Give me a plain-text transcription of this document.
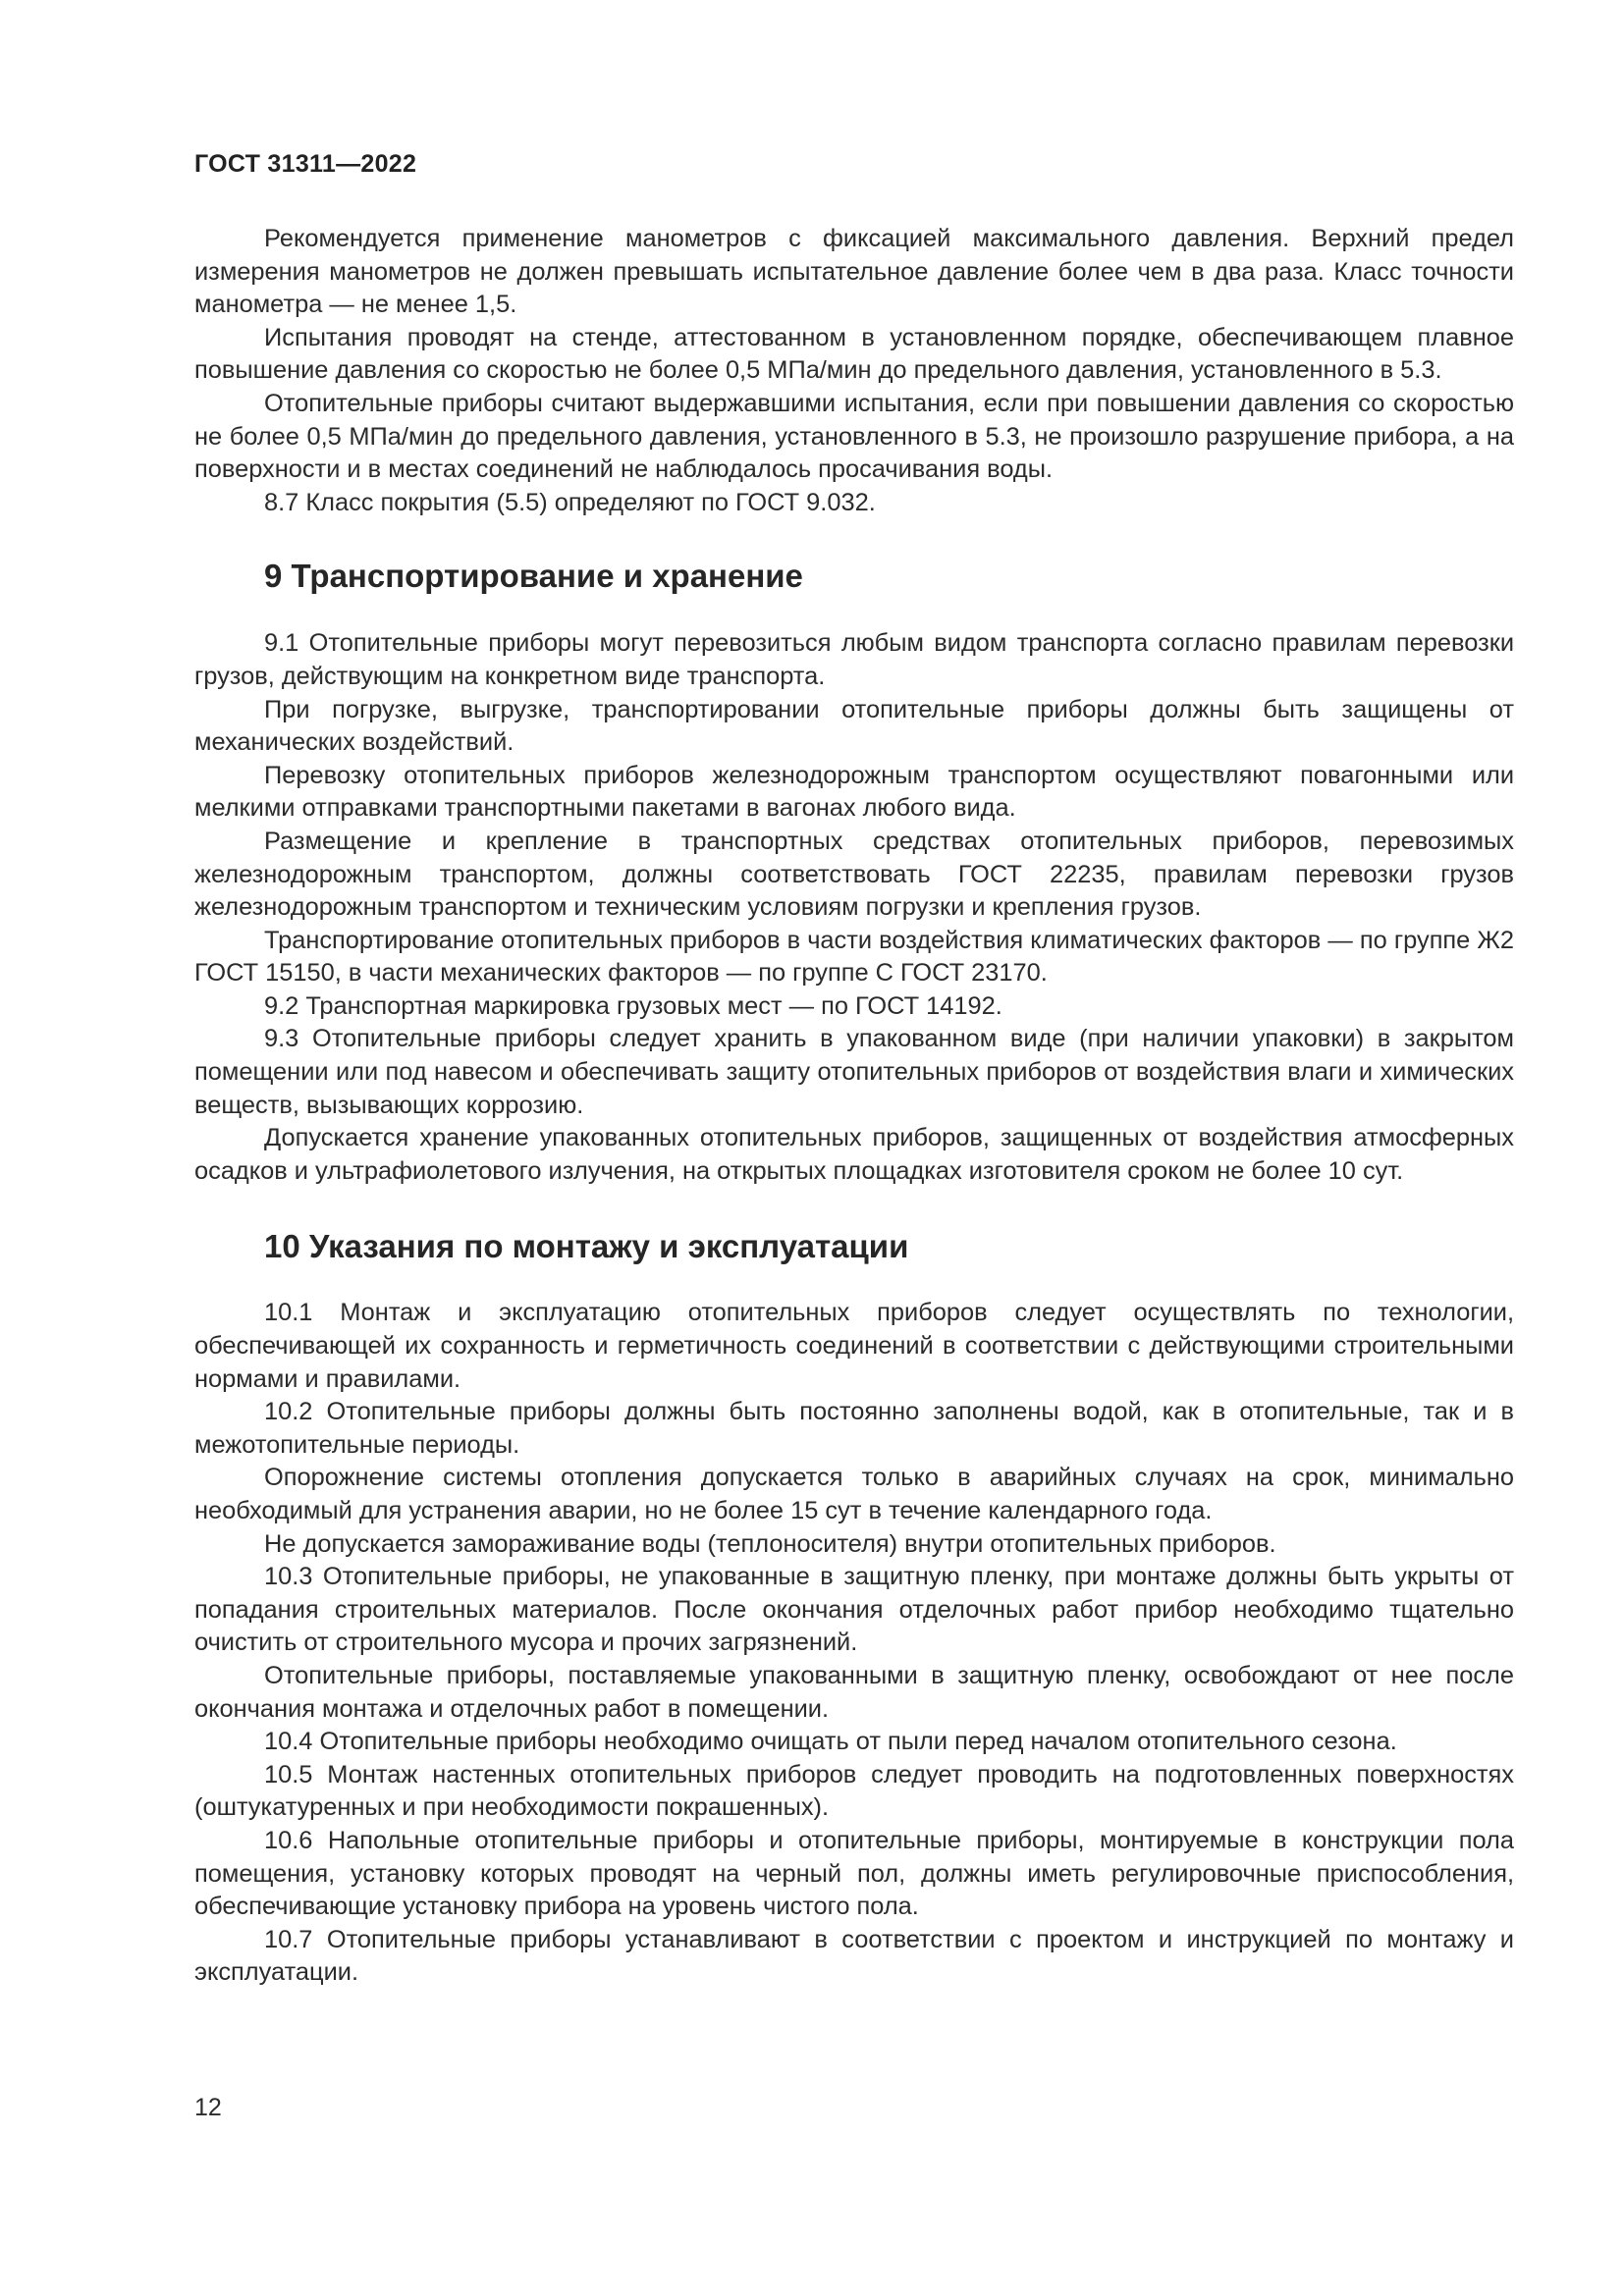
ГОСТ 31311—2022

Рекомендуется применение манометров с фиксацией максимального давления. Верхний предел измерения манометров не должен превышать испытательное давление более чем в два раза. Класс точности манометра — не менее 1,5.

Испытания проводят на стенде, аттестованном в установленном порядке, обеспечивающем плавное повышение давления со скоростью не более 0,5 МПа/мин до предельного давления, установленного в 5.3.

Отопительные приборы считают выдержавшими испытания, если при повышении давления со скоростью не более 0,5 МПа/мин до предельного давления, установленного в 5.3, не произошло разрушение прибора, а на поверхности и в местах соединений не наблюдалось просачивания воды.

8.7 Класс покрытия (5.5) определяют по ГОСТ 9.032.

9 Транспортирование и хранение

9.1 Отопительные приборы могут перевозиться любым видом транспорта согласно правилам перевозки грузов, действующим на конкретном виде транспорта.

При погрузке, выгрузке, транспортировании отопительные приборы должны быть защищены от механических воздействий.

Перевозку отопительных приборов железнодорожным транспортом осуществляют повагонными или мелкими отправками транспортными пакетами в вагонах любого вида.

Размещение и крепление в транспортных средствах отопительных приборов, перевозимых железнодорожным транспортом, должны соответствовать ГОСТ 22235, правилам перевозки грузов железнодорожным транспортом и техническим условиям погрузки и крепления грузов.

Транспортирование отопительных приборов в части воздействия климатических факторов — по группе Ж2 ГОСТ 15150, в части механических факторов — по группе С ГОСТ 23170.

9.2 Транспортная маркировка грузовых мест — по ГОСТ 14192.

9.3 Отопительные приборы следует хранить в упакованном виде (при наличии упаковки) в закрытом помещении или под навесом и обеспечивать защиту отопительных приборов от воздействия влаги и химических веществ, вызывающих коррозию.

Допускается хранение упакованных отопительных приборов, защищенных от воздействия атмосферных осадков и ультрафиолетового излучения, на открытых площадках изготовителя сроком не более 10 сут.

10 Указания по монтажу и эксплуатации

10.1 Монтаж и эксплуатацию отопительных приборов следует осуществлять по технологии, обеспечивающей их сохранность и герметичность соединений в соответствии с действующими строительными нормами и правилами.

10.2 Отопительные приборы должны быть постоянно заполнены водой, как в отопительные, так и в межотопительные периоды.

Опорожнение системы отопления допускается только в аварийных случаях на срок, минимально необходимый для устранения аварии, но не более 15 сут в течение календарного года.

Не допускается замораживание воды (теплоносителя) внутри отопительных приборов.

10.3 Отопительные приборы, не упакованные в защитную пленку, при монтаже должны быть укрыты от попадания строительных материалов. После окончания отделочных работ прибор необходимо тщательно очистить от строительного мусора и прочих загрязнений.

Отопительные приборы, поставляемые упакованными в защитную пленку, освобождают от нее после окончания монтажа и отделочных работ в помещении.

10.4 Отопительные приборы необходимо очищать от пыли перед началом отопительного сезона.

10.5 Монтаж настенных отопительных приборов следует проводить на подготовленных поверхностях (оштукатуренных и при необходимости покрашенных).

10.6 Напольные отопительные приборы и отопительные приборы, монтируемые в конструкции пола помещения, установку которых проводят на черный пол, должны иметь регулировочные приспособления, обеспечивающие установку прибора на уровень чистого пола.

10.7 Отопительные приборы устанавливают в соответствии с проектом и инструкцией по монтажу и эксплуатации.

12
